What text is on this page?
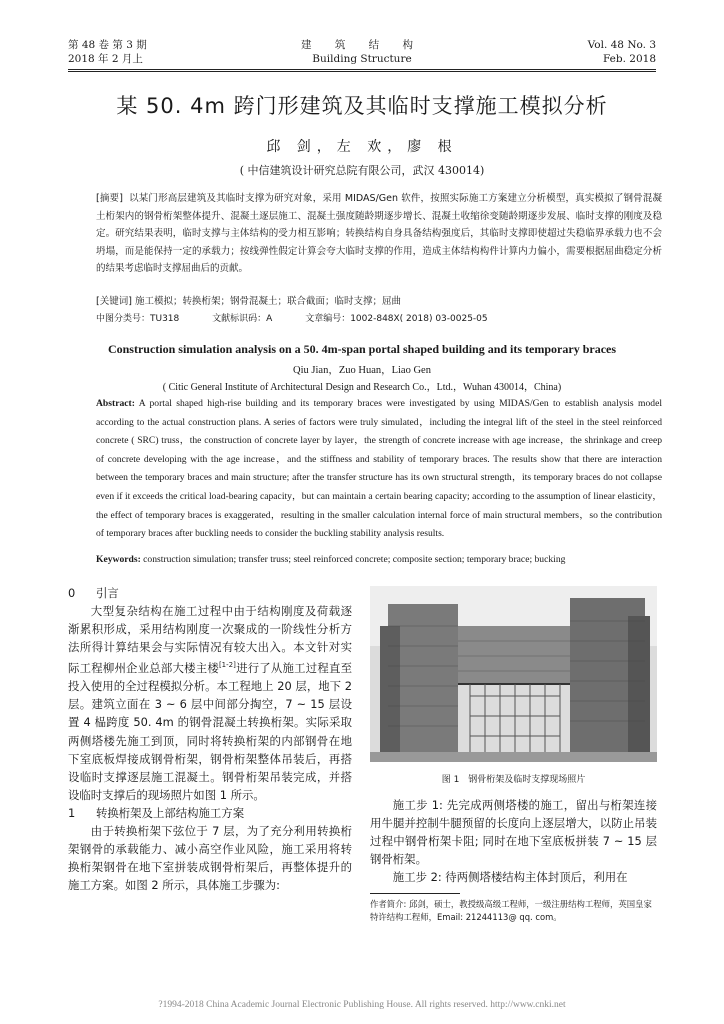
第 48 卷 第 3 期
2018 年 2 月上
建 筑 结 构
Building Structure
Vol. 48 No. 3
Feb. 2018
某 50. 4m 跨门形建筑及其临时支撑施工模拟分析
邱 剑，左 欢，廖 根
( 中信建筑设计研究总院有限公司，武汉 430014)
[摘要] 以某门形高层建筑及其临时支撑为研究对象，采用 MIDAS/Gen 软件，按照实际施工方案建立分析模型，真实模拟了钢骨混凝土桁架内的钢骨桁架整体提升、混凝土逐层施工、混凝土强度随龄期逐步增长、混凝土收缩徐变随龄期逐步发展、临时支撑的刚度及稳定。研究结果表明，临时支撑与主体结构的受力相互影响；转换结构自身具备结构强度后，其临时支撑即使超过失稳临界承载力也不会坍塌，而是能保持一定的承载力；按线弹性假定计算会夸大临时支撑的作用，造成主体结构构件计算内力偏小，需要根据屈曲稳定分析的结果考虑临时支撑屈曲后的贡献。
[关键词] 施工模拟；转换桁架；钢骨混凝土；联合截面；临时支撑；屈曲
中图分类号：TU318	文献标识码：A	文章编号：1002-848X( 2018) 03-0025-05
Construction simulation analysis on a 50. 4m-span portal shaped building and its temporary braces
Qiu Jian，Zuo Huan，Liao Gen
( Citic General Institute of Architectural Design and Research Co.，Ltd.，Wuhan 430014，China)
Abstract: A portal shaped high-rise building and its temporary braces were investigated by using MIDAS/Gen to establish analysis model according to the actual construction plans. A series of factors were truly simulated，including the integral lift of the steel in the steel reinforced concrete ( SRC) truss，the construction of concrete layer by layer，the strength of concrete increase with age increase，the shrinkage and creep of concrete developing with the age increase，and the stiffness and stability of temporary braces. The results show that there are interaction between the temporary braces and main structure; after the transfer structure has its own structural strength，its temporary braces do not collapse even if it exceeds the critical load-bearing capacity，but can maintain a certain bearing capacity; according to the assumption of linear elasticity，the effect of temporary braces is exaggerated，resulting in the smaller calculation internal force of main structural members，so the contribution of temporary braces after buckling needs to consider the buckling stability analysis results.
Keywords: construction simulation; transfer truss; steel reinforced concrete; composite section; temporary brace; bucking
0 引言

大型复杂结构在施工过程中由于结构刚度及荷载逐渐累积形成，采用结构刚度一次聚成的一阶线性分析方法所得计算结果会与实际情况有较大出入。本文针对实际工程柳州企业总部大楼主楼[1-2]进行了从施工过程直至投入使用的全过程模拟分析。本工程地上 20 层，地下 2 层。建筑立面在 3 ~ 6 层中间部分掏空，7 ~ 15 层设置 4 榀跨度 50. 4m 的钢骨混凝土转换桁架。实际采取两侧塔楼先施工到顶，同时将转换桁架的内部钢骨在地下室底板焊接成钢骨桁架，钢骨桁架整体吊装后，再搭设临时支撑逐层施工混凝土。钢骨桁架吊装完成，并搭设临时支撑后的现场照片如图 1 所示。

1 转换桁架及上部结构施工方案

由于转换桁架下弦位于 7 层，为了充分利用转换桁架钢骨的承载能力、减小高空作业风险，施工采用将转换桁架钢骨在地下室拼装成钢骨桁架后，再整体提升的施工方案。如图 2 所示，具体施工步骤为:

图 1　钢骨桁架及临时支撑现场照片

施工步 1: 先完成两侧塔楼的施工，留出与桁架连接用牛腿并控制牛腿预留的长度向上逐层增大，以防止吊装过程中钢骨桁架卡阻; 同时在地下室底板拼装 7 ~ 15 层钢骨桁架。

施工步 2: 待两侧塔楼结构主体封顶后，利用在

作者简介: 邱剑，硕士，教授级高级工程师，一级注册结构工程师，英国皇家特许结构工程师，Email: 21244113@ qq. com。
?1994-2018 China Academic Journal Electronic Publishing House. All rights reserved. http://www.cnki.net
